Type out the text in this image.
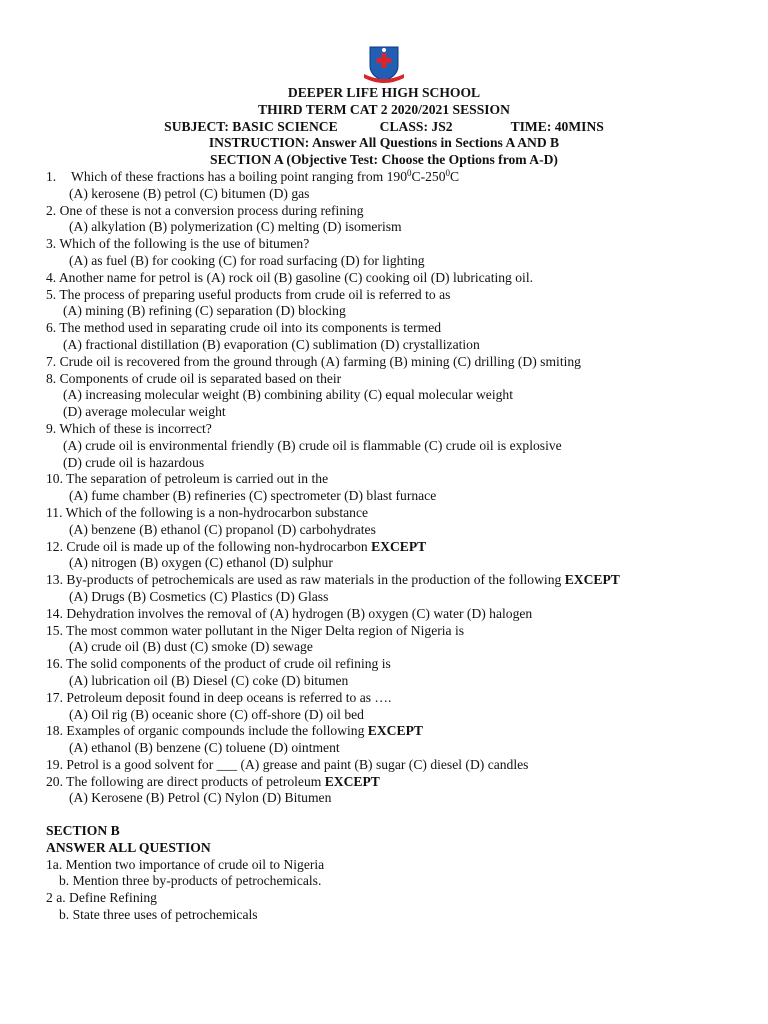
DEEPER LIFE HIGH SCHOOL
THIRD TERM CAT 2 2020/2021 SESSION
SUBJECT: BASIC SCIENCE	CLASS: JS2	TIME: 40MINS
INSTRUCTION: Answer All Questions in Sections A AND B
SECTION A (Objective Test: Choose the Options from A-D)
1. Which of these fractions has a boiling point ranging from $190^0C-250^0C$
(A) kerosene (B) petrol (C) bitumen (D) gas
2. One of these is not a conversion process during refining
(A) alkylation (B) polymerization (C) melting (D) isomerism
3. Which of the following is the use of bitumen?
(A) as fuel (B) for cooking (C) for road surfacing (D) for lighting
4. Another name for petrol is (A) rock oil (B) gasoline (C) cooking oil (D) lubricating oil.
5. The process of preparing useful products from crude oil is referred to as
(A) mining (B) refining (C) separation (D) blocking
6. The method used in separating crude oil into its components is termed
(A) fractional distillation (B) evaporation (C) sublimation (D) crystallization
7. Crude oil is recovered from the ground through (A) farming (B) mining (C) drilling (D) smiting
8. Components of crude oil is separated based on their
(A) increasing molecular weight (B) combining ability (C) equal molecular weight
(D) average molecular weight
9. Which of these is incorrect?
(A) crude oil is environmental friendly (B) crude oil is flammable (C) crude oil is explosive
(D) crude oil is hazardous
10. The separation of petroleum is carried out in the
(A) fume chamber (B) refineries (C) spectrometer (D) blast furnace
11. Which of the following is a non-hydrocarbon substance
(A) benzene (B) ethanol (C) propanol (D) carbohydrates
12. Crude oil is made up of the following non-hydrocarbon EXCEPT
(A) nitrogen (B) oxygen (C) ethanol (D) sulphur
13. By-products of petrochemicals are used as raw materials in the production of the following EXCEPT
(A) Drugs (B) Cosmetics (C) Plastics (D) Glass
14. Dehydration involves the removal of (A) hydrogen (B) oxygen (C) water (D) halogen
15. The most common water pollutant in the Niger Delta region of Nigeria is
(A) crude oil (B) dust (C) smoke (D) sewage
16. The solid components of the product of crude oil refining is
(A) lubrication oil (B) Diesel (C) coke (D) bitumen
17. Petroleum deposit found in deep oceans is referred to as ….
(A) Oil rig (B) oceanic shore (C) off-shore (D) oil bed
18. Examples of organic compounds include the following EXCEPT
(A) ethanol (B) benzene (C) toluene (D) ointment
19. Petrol is a good solvent for ___ (A) grease and paint (B) sugar (C) diesel (D) candles
20. The following are direct products of petroleum EXCEPT
(A) Kerosene (B) Petrol (C) Nylon (D) Bitumen
SECTION B
ANSWER ALL QUESTION
1a. Mention two importance of crude oil to Nigeria
b. Mention three by-products of petrochemicals.
2 a. Define Refining
b. State three uses of petrochemicals
